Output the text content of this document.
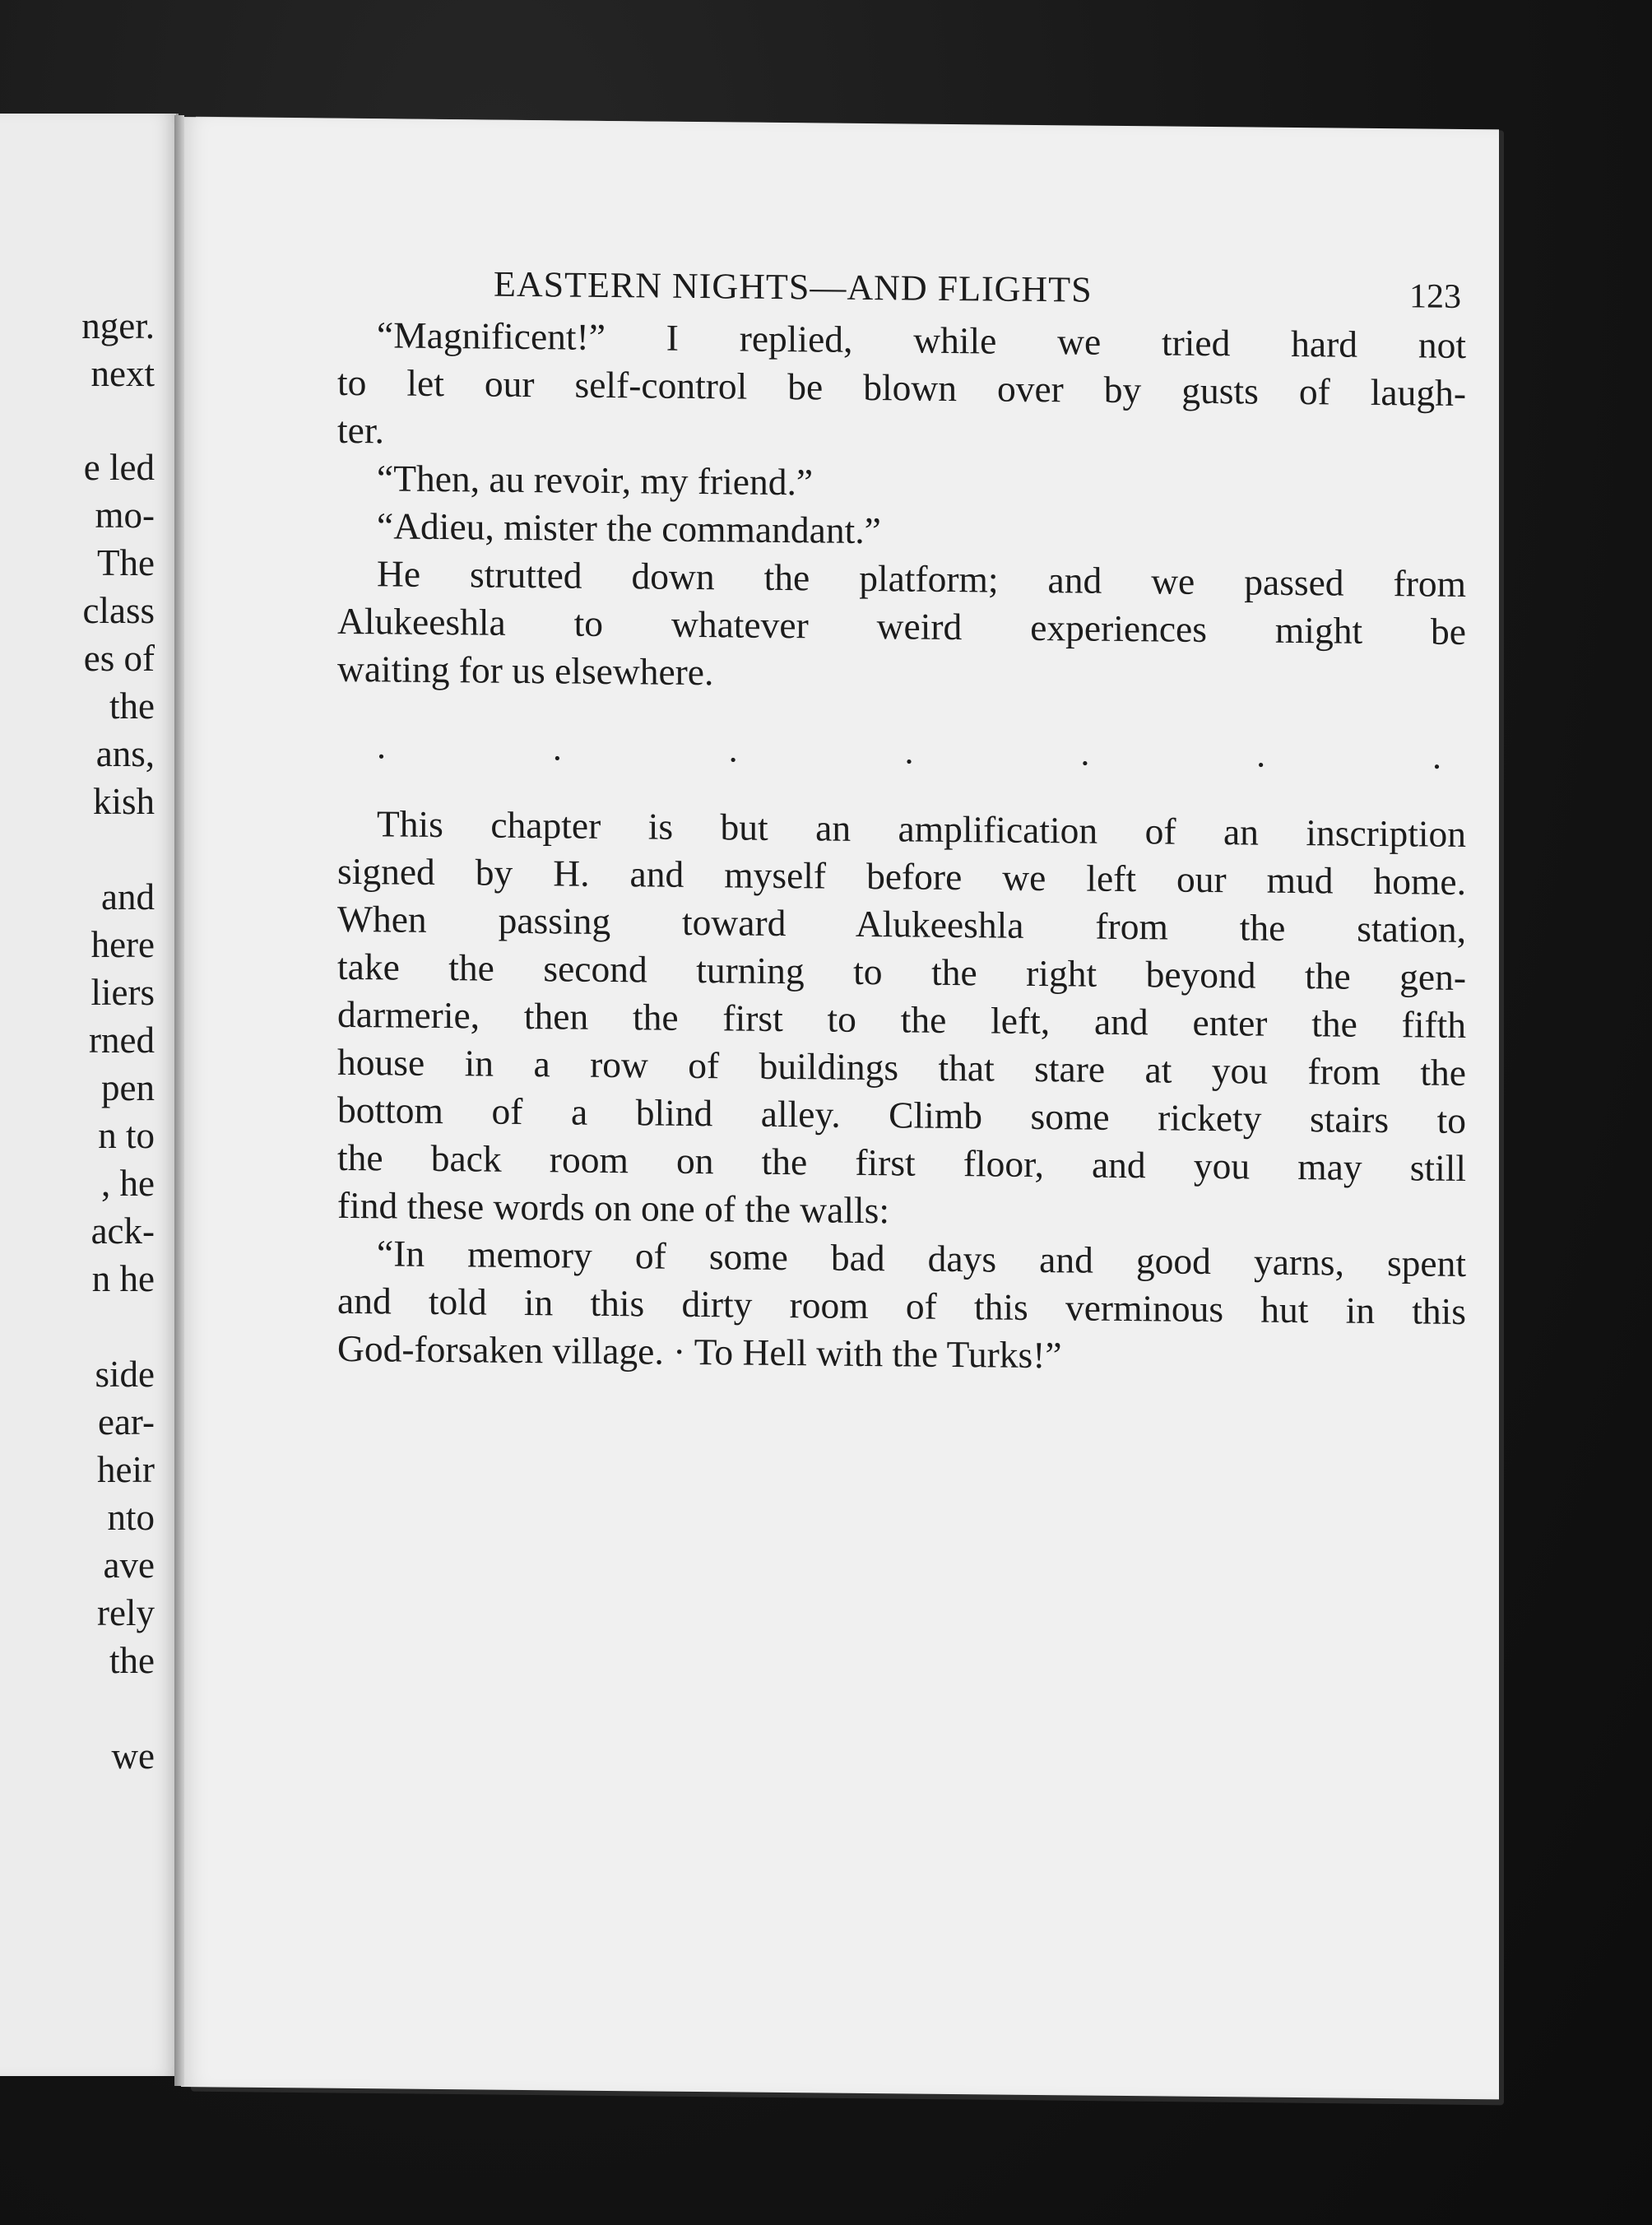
nger.
next
e led
mo-
The
class
es of
the
ans,
kish
and
here
liers
rned
pen
n to
, he
ack-
n he
side
ear-
heir
nto
ave
rely
the
we
EASTERN NIGHTS—AND FLIGHTS	123
“Magnificent!” I replied, while we tried hard not
to let our self-control be blown over by gusts of laugh-
ter.
“Then, au revoir, my friend.”
“Adieu, mister the commandant.”
He strutted down the platform; and we passed from
Alukeeshla to whatever weird experiences might be
waiting for us elsewhere.
.	.	.	.	.	.	.
This chapter is but an amplification of an inscription
signed by H. and myself before we left our mud home.
When passing toward Alukeeshla from the station,
take the second turning to the right beyond the gen-
darmerie, then the first to the left, and enter the fifth
house in a row of buildings that stare at you from the
bottom of a blind alley. Climb some rickety stairs to
the back room on the first floor, and you may still
find these words on one of the walls:
“In memory of some bad days and good yarns, spent
and told in this dirty room of this verminous hut in this
God-forsaken village. · To Hell with the Turks!”
